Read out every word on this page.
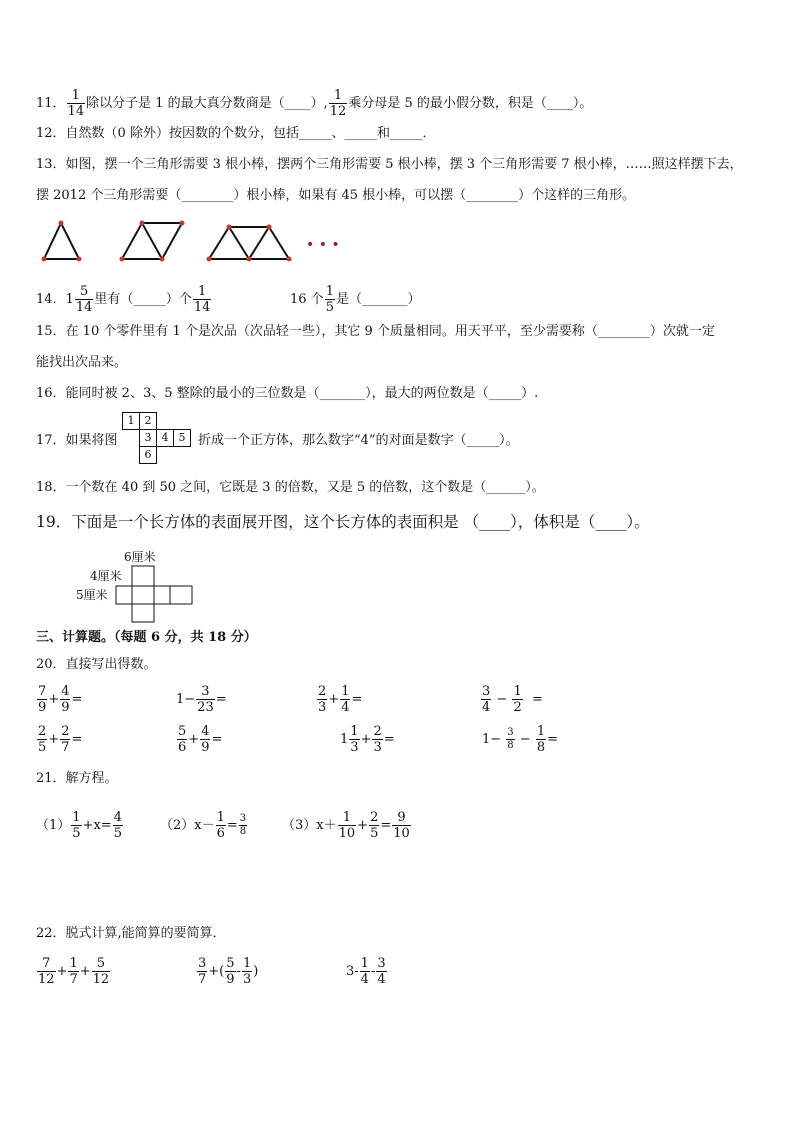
11． $\frac{1}{14}$ 除以分子是 1 的最大真分数商是（____）, $\frac{1}{12}$ 乘分母是 5 的最小假分数，积是（____）。
12．自然数（0 除外）按因数的个数分，包括_____、_____和_____．
13．如图，摆一个三角形需要 3 根小棒，摆两个三角形需要 5 根小棒，摆 3 个三角形需要 7 根小棒，……照这样摆下去，
摆 2012 个三角形需要（________）根小棒，如果有 45 根小棒，可以摆（________）个这样的三角形。
• • •
14．$1 \frac{5}{14}$ 里有（_____）个 $\frac{1}{14}$	16 个 $\frac{1}{5}$ 是（_______）
15．在 10 个零件里有 1 个是次品（次品轻一些），其它 9 个质量相同。用天平平，至少需要称（________）次就一定
能找出次品来。
16．能同时被 2、3、5 整除的最小的三位数是（_______），最大的两位数是（_____）.
17．如果将图
1 2
3 4 5
6
折成一个正方体，那么数字“4”的对面是数字（_____）。
18．一个数在 40 到 50 之间，它既是 3 的倍数，又是 5 的倍数，这个数是（______）。
19．下面是一个长方体的表面展开图，这个长方体的表面积是 （____），体积是（____）。
6厘米
4厘米
5厘米
三、计算题。（每题 6 分，共 18 分）
20．直接写出得数。
$\frac{7}{9} + \frac{4}{9}$ =	$1- \frac{3}{23}$ =	$\frac{2}{3} + \frac{1}{4}$ =	$\frac{3}{4} - \frac{1}{2}$ =
$\frac{2}{5} + \frac{2}{7}$ =	$\frac{5}{6} + \frac{4}{9}$ =	$1 \frac{1}{3} + \frac{2}{3}$ =	$1- \frac{3}{8} - \frac{1}{8}$ =
21．解方程。
$(1) \frac{1}{5} +x= \frac{4}{5}$	$(2)x- \frac{1}{6} = \frac{3}{8}$	$(3)x+ \frac{1}{10} + \frac{2}{5} = \frac{9}{10}$
22．脱式计算,能简算的要简算．
$\frac{7}{12} + \frac{1}{7} + \frac{5}{12}$	$\frac{3}{7}$ +( $\frac{5}{9} - \frac{1}{3}$ )	$3- \frac{1}{4} - \frac{3}{4}$
